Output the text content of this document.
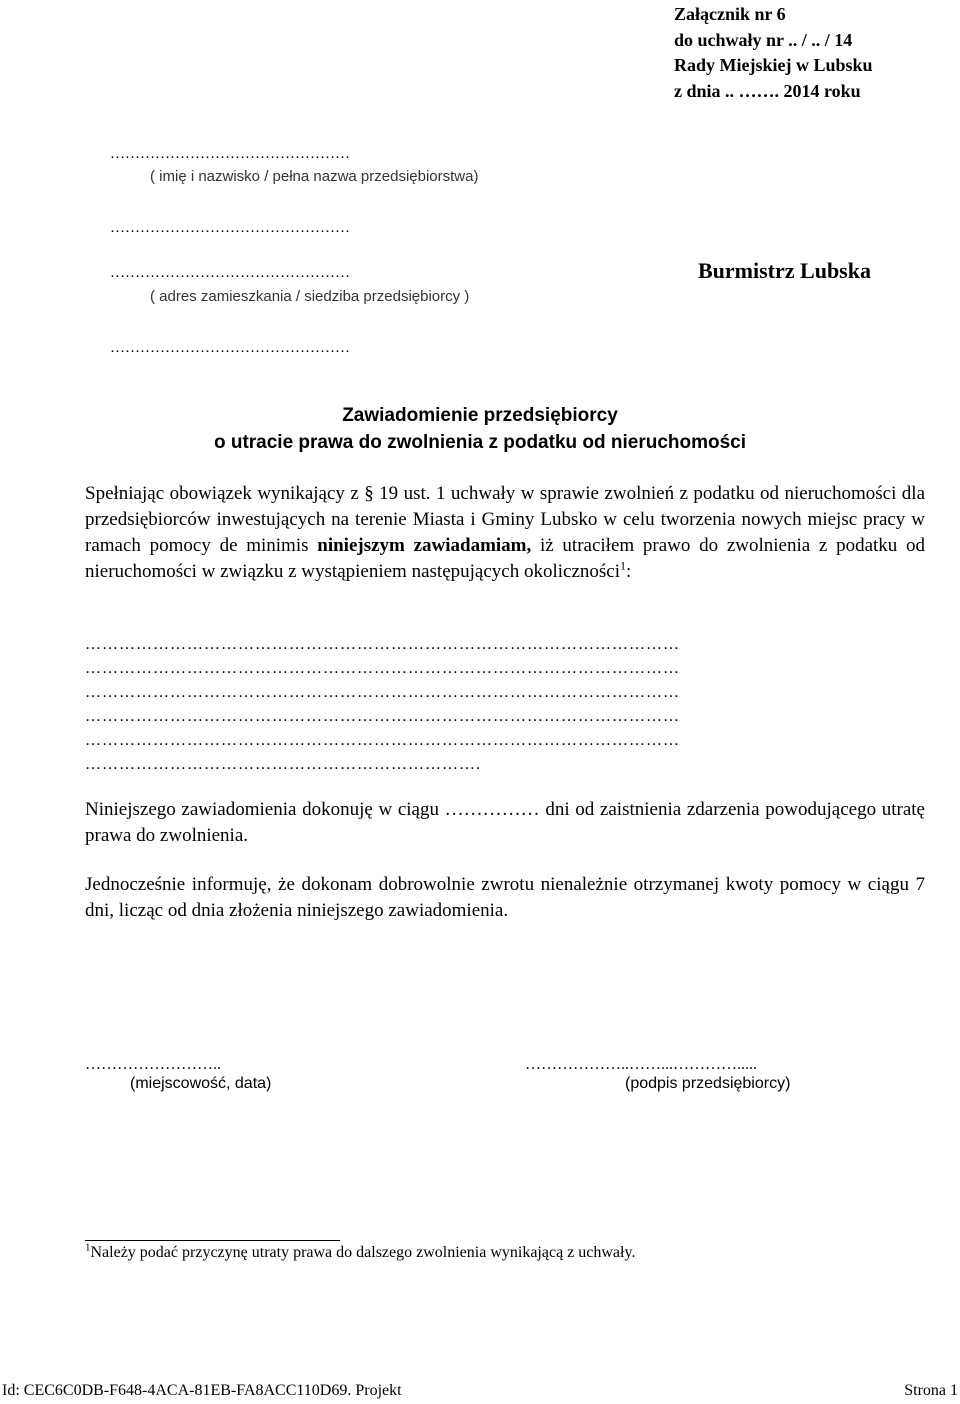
Załącznik nr 6
do uchwały nr .. / .. / 14
Rady Miejskiej w Lubsku
z dnia .. ……. 2014 roku
…………………………………………
( imię i nazwisko / pełna nazwa przedsiębiorstwa)
…………………………………………
…………………………………………
( adres zamieszkania / siedziba przedsiębiorcy )
…………………………………………
Burmistrz Lubska
Zawiadomienie przedsiębiorcy
o utracie prawa do zwolnienia z podatku od nieruchomości
Spełniając obowiązek wynikający z § 19 ust. 1 uchwały w sprawie zwolnień z podatku od nieruchomości dla przedsiębiorców inwestujących na terenie Miasta i Gminy Lubsko w celu tworzenia nowych miejsc pracy w ramach pomocy de minimis niniejszym zawiadamiam, iż utraciłem prawo do zwolnienia z podatku od nieruchomości w związku z wystąpieniem następujących okoliczności$^1$:
……………………………………………………………………………………………
……………………………………………………………………………………………
……………………………………………………………………………………………
……………………………………………………………………………………………
……………………………………………………………………………………………
…………………………………………………………….
Niniejszego zawiadomienia dokonuję w ciągu …………… dni od zaistnienia zdarzenia powodującego utratę prawa do zwolnienia.
Jednocześnie informuję, że dokonam dobrowolnie zwrotu nienależnie otrzymanej kwoty pomocy w ciągu 7 dni, licząc od dnia złożenia niniejszego zawiadomienia.
……………………..
(miejscowość, data)
………………..……...………….....
(podpis przedsiębiorcy)
$^1$Należy podać przyczynę utraty prawa do dalszego zwolnienia wynikającą z uchwały.
Id: CEC6C0DB-F648-4ACA-81EB-FA8ACC110D69. Projekt	Strona 1
